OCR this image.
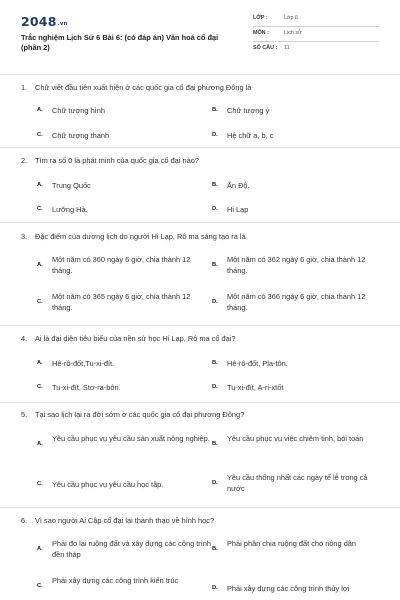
2048.vn
Trắc nghiệm Lịch Sử 6 Bài 6: (có đáp án) Văn hoá cổ đại (phần 2)
LỚP :	Lớp 6
MÔN :	Lịch sử
SỐ CÂU : 11
1. Chữ viết đầu tiên xuất hiện ở các quốc gia cổ đại phương Đông là
A. Chữ tượng hình	B. Chữ tượng ý
C. Chữ tượng thanh	D. Hệ chữ a, b, c
2. Tìm ra số 0 là phát minh của quốc gia cổ đại nào?
A. Trung Quốc	B. Ấn Độ.
C. Lưỡng Hà.	D. Hi Lạp
3. Đặc điểm của dương lịch do người Hi Lạp, Rô ma sáng tạo ra là
A.
Một năm có 360 ngày 6 giờ, chia thành 12 tháng.
B.
Một năm có 362 ngày 6 giờ, chia thành 12 tháng.
C.
Một năm có 365 ngày 6 giờ, chia thành 12 tháng.
D.
Một năm có 366 ngày 6 giờ, chia thành 12 tháng.
4. Ai là đại diện tiêu biểu của nền sử học Hi Lạp, Rô ma cổ đại?
A. Hê-rô-đốt,Tu-xi-đít.	B. Hê-rô-đốt, Pla-tôn.
C. Tu-xi-đít, Stơ-ra-bôn.	D. Tu-xi-đít, A-ri-xtốt
5. Tại sao lịch lại ra đời sớm ở các quốc gia cổ đại phương Đông?
A.
Yêu cầu phục vụ yêu cầu sản xuất nông nghiệp.
B.
Yêu cầu phục vụ việc chiêm tinh, bói toán
C. Yêu cầu phục vụ yêu cầu học tập.	D.
Yêu cầu thống nhất các ngày tế lễ trong cả nước
6. Vì sao người Ai Cập cổ đại lại thành thạo về hình học?
A.
Phải đo lại ruộng đất và xây dựng các công trình đền tháp
B.
Phải phân chia ruộng đất cho nông dân
C.
Phải xây dựng các công trình kiến trúc
D. Phải xây dựng các công trình thủy lợi
